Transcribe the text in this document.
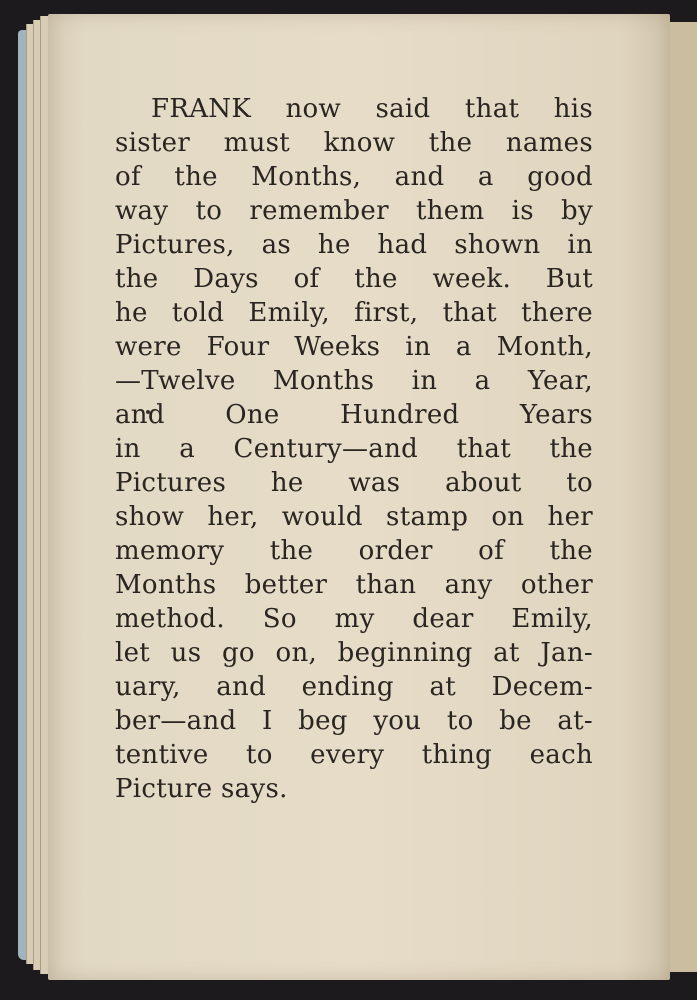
FRANK now said that his
sister must know the names
of the Months, and a good
way to remember them is by
Pictures, as he had shown in
the Days of the week. But
he told Emily, first, that there
were Four Weeks in a Month,
—Twelve Months in a Year,
and One Hundred Years
in a Century—and that the
Pictures he was about to
show her, would stamp on her
memory the order of the
Months better than any other
method. So my dear Emily,
let us go on, beginning at Jan-
uary, and ending at Decem-
ber—and I beg you to be at-
tentive to every thing each
Picture says.
